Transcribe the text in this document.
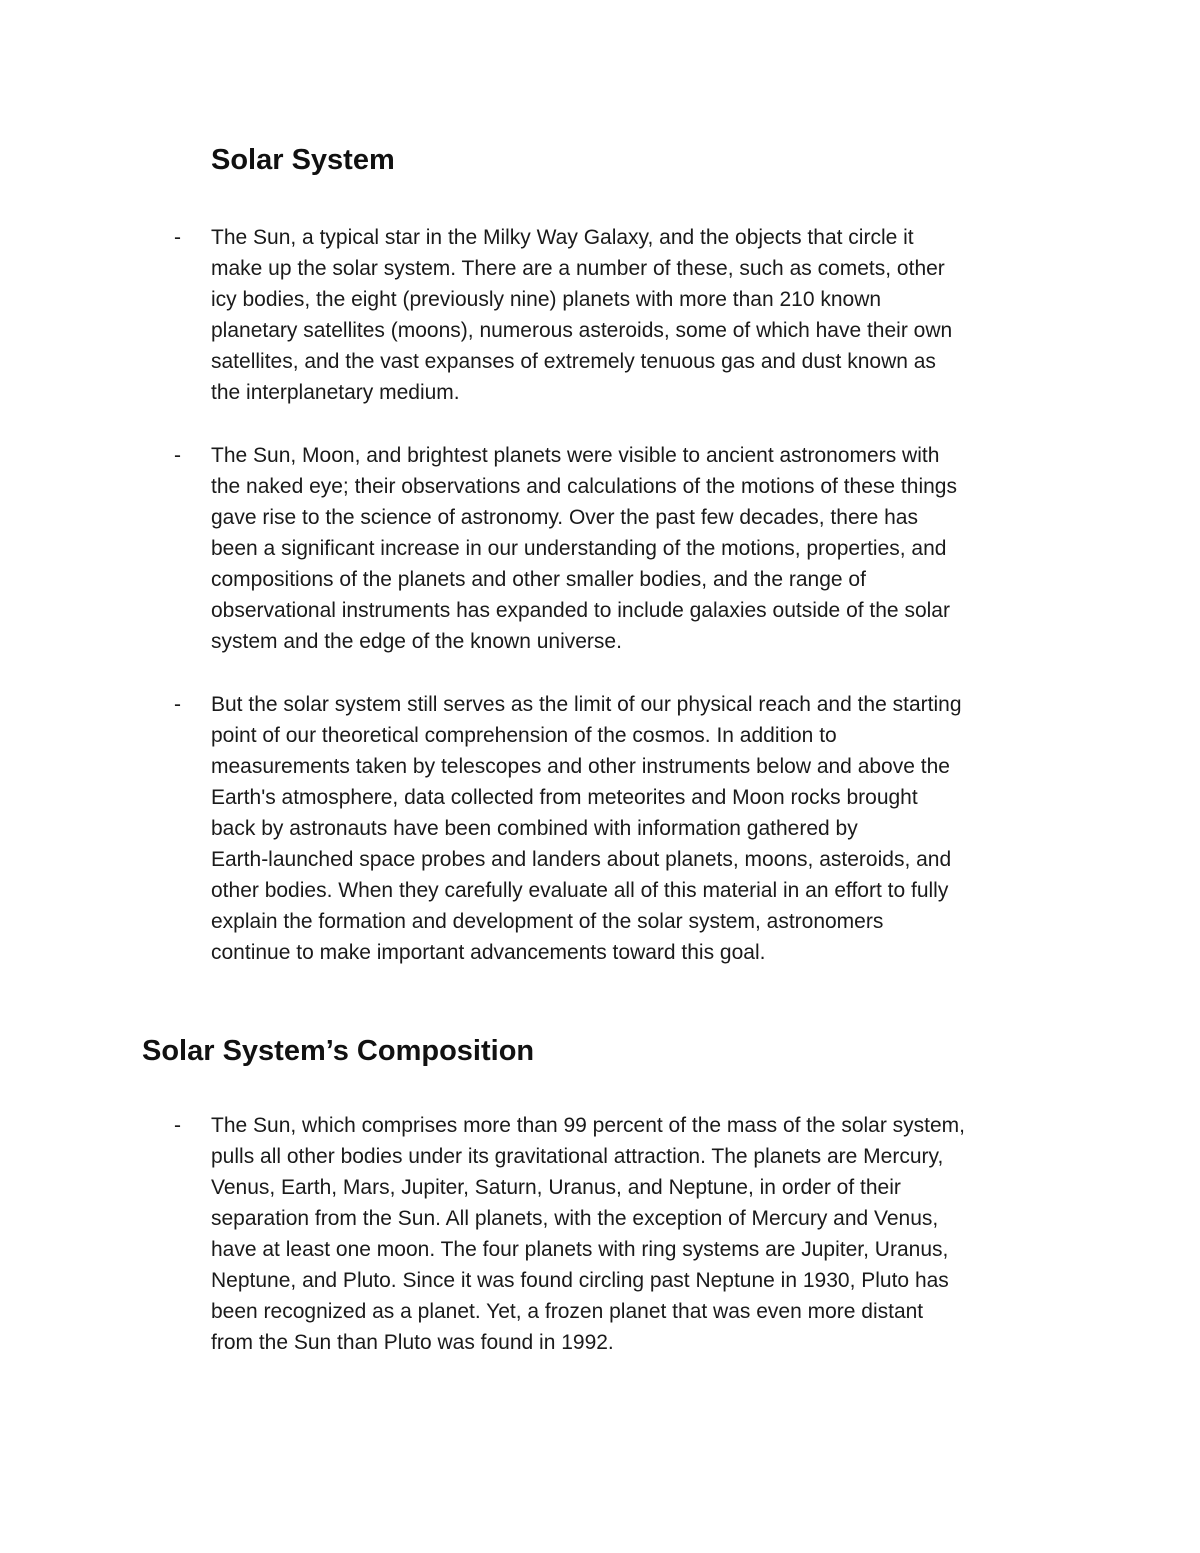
Solar System
- The Sun, a typical star in the Milky Way Galaxy, and the objects that circle it
make up the solar system. There are a number of these, such as comets, other
icy bodies, the eight (previously nine) planets with more than 210 known
planetary satellites (moons), numerous asteroids, some of which have their own
satellites, and the vast expanses of extremely tenuous gas and dust known as
the interplanetary medium.

- The Sun, Moon, and brightest planets were visible to ancient astronomers with
the naked eye; their observations and calculations of the motions of these things
gave rise to the science of astronomy. Over the past few decades, there has
been a significant increase in our understanding of the motions, properties, and
compositions of the planets and other smaller bodies, and the range of
observational instruments has expanded to include galaxies outside of the solar
system and the edge of the known universe.

- But the solar system still serves as the limit of our physical reach and the starting
point of our theoretical comprehension of the cosmos. In addition to
measurements taken by telescopes and other instruments below and above the
Earth's atmosphere, data collected from meteorites and Moon rocks brought
back by astronauts have been combined with information gathered by
Earth-launched space probes and landers about planets, moons, asteroids, and
other bodies. When they carefully evaluate all of this material in an effort to fully
explain the formation and development of the solar system, astronomers
continue to make important advancements toward this goal.

Solar System’s Composition
- The Sun, which comprises more than 99 percent of the mass of the solar system,
pulls all other bodies under its gravitational attraction. The planets are Mercury,
Venus, Earth, Mars, Jupiter, Saturn, Uranus, and Neptune, in order of their
separation from the Sun. All planets, with the exception of Mercury and Venus,
have at least one moon. The four planets with ring systems are Jupiter, Uranus,
Neptune, and Pluto. Since it was found circling past Neptune in 1930, Pluto has
been recognized as a planet. Yet, a frozen planet that was even more distant
from the Sun than Pluto was found in 1992.
